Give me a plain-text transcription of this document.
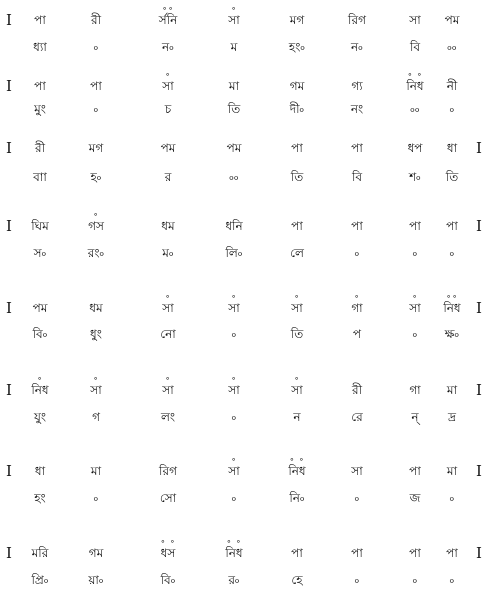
I পা	রী	র্সনি	সা	মগ	রিগ	সা পম
ধ্যা	৹	ন৹	ম	হং৹	ন৹	বি ৹৹
I পা	পা	সা	মা	গম	গ্য	নিধ নী
মুং	৹	চ	তি	দী৹	নং	৹৹ ৹
I রী	মগ	পম	পম	পা	পা	ধপ ধা I
বাা	হ৹	র	৹৹	তি	বি	শ৹ তি
I ঘিম	গস	ধম	ধনি	পা	পা	পা পা I
স৹	রং৹	ম৹	লি৹	লে	৹	৹	৹
I পম	ধম	সা	সা	সা	গা	সা নিধ I
বি৹	ধুং	নো	৹	তি	প	৹ ক্ষ৹
I নিধ	সা	সা	সা	সা	রী	গা মা I
যুং	গ	লং	৹	ন	রে	ন্ দ্র
I ধা	মা	রিগ	সা	নিধ	সা	পা মা I
হং	৹	সো	৹	নি৹	৹	জ ৹
I মরি	গম	ধস	নিধ	পা	পা	পা পা I
প্রি৹	য়া৹	বি৹	র৹	হে	৹	৹	৹
∘∘	∘
∘	∘ ∘
∘
∘	∘	∘	∘	∘	∘∘
∘	∘	∘	∘	∘
∘	∘ ∘
∘ ∘	∘ ∘
